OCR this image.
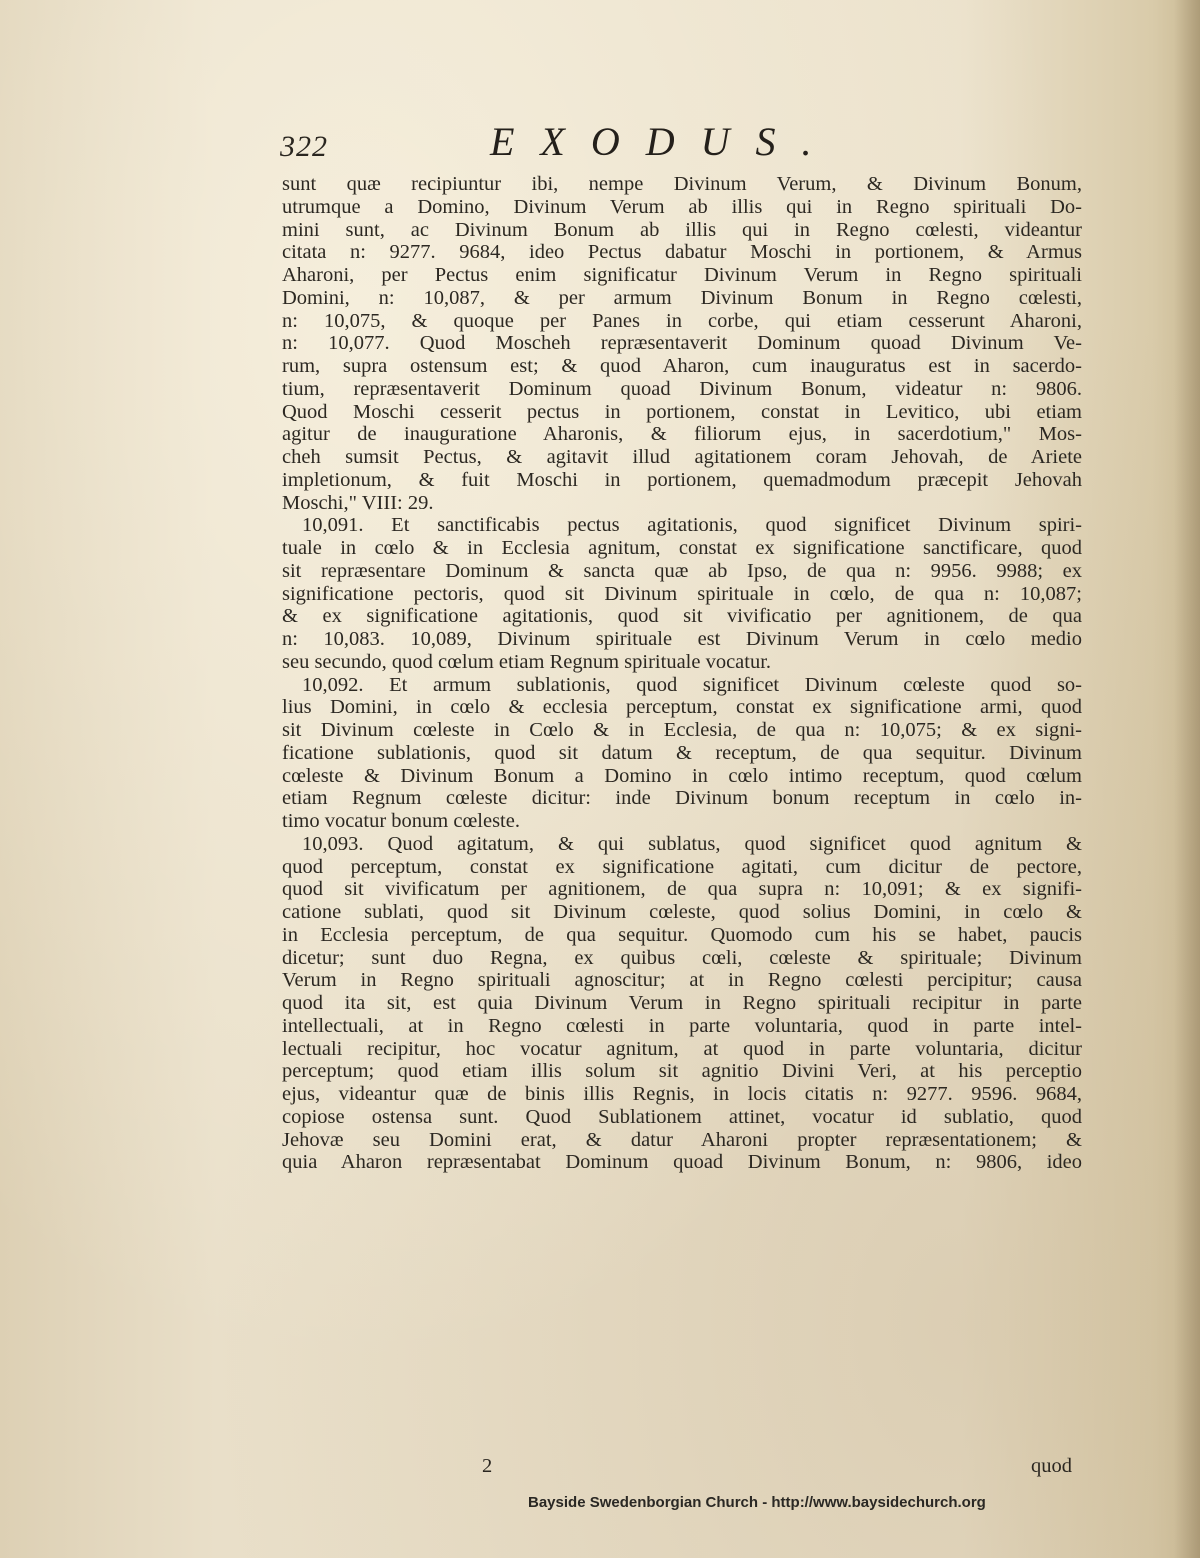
322	EXODUS.
sunt quæ recipiuntur ibi, nempe Divinum Verum, & Divinum Bonum,
utrumque a Domino, Divinum Verum ab illis qui in Regno spirituali Do-
mini sunt, ac Divinum Bonum ab illis qui in Regno cœlesti, videantur
citata n: 9277. 9684, ideo Pectus dabatur Moschi in portionem, & Armus
Aharoni, per Pectus enim significatur Divinum Verum in Regno spirituali
Domini, n: 10,087, & per armum Divinum Bonum in Regno cœlesti,
n: 10,075, & quoque per Panes in corbe, qui etiam cesserunt Aharoni,
n: 10,077. Quod Moscheh repræsentaverit Dominum quoad Divinum Ve-
rum, supra ostensum est; & quod Aharon, cum inauguratus est in sacerdo-
tium, repræsentaverit Dominum quoad Divinum Bonum, videatur n: 9806.
Quod Moschi cesserit pectus in portionem, constat in Levitico, ubi etiam
agitur de inauguratione Aharonis, & filiorum ejus, in sacerdotium," Mos-
cheh sumsit Pectus, & agitavit illud agitationem coram Jehovah, de Ariete
impletionum, & fuit Moschi in portionem, quemadmodum præcepit Jehovah
Moschi," VIII: 29.
10,091. Et sanctificabis pectus agitationis, quod significet Divinum spiri-
tuale in cœlo & in Ecclesia agnitum, constat ex significatione sanctificare, quod
sit repræsentare Dominum & sancta quæ ab Ipso, de qua n: 9956. 9988; ex
significatione pectoris, quod sit Divinum spirituale in cœlo, de qua n: 10,087;
& ex significatione agitationis, quod sit vivificatio per agnitionem, de qua
n: 10,083. 10,089, Divinum spirituale est Divinum Verum in cœlo medio
seu secundo, quod cœlum etiam Regnum spirituale vocatur.
10,092. Et armum sublationis, quod significet Divinum cœleste quod so-
lius Domini, in cœlo & ecclesia perceptum, constat ex significatione armi, quod
sit Divinum cœleste in Cœlo & in Ecclesia, de qua n: 10,075; & ex signi-
ficatione sublationis, quod sit datum & receptum, de qua sequitur. Divinum
cœleste & Divinum Bonum a Domino in cœlo intimo receptum, quod cœlum
etiam Regnum cœleste dicitur: inde Divinum bonum receptum in cœlo in-
timo vocatur bonum cœleste.
10,093. Quod agitatum, & qui sublatus, quod significet quod agnitum &
quod perceptum, constat ex significatione agitati, cum dicitur de pectore,
quod sit vivificatum per agnitionem, de qua supra n: 10,091; & ex signifi-
catione sublati, quod sit Divinum cœleste, quod solius Domini, in cœlo &
in Ecclesia perceptum, de qua sequitur. Quomodo cum his se habet, paucis
dicetur; sunt duo Regna, ex quibus cœli, cœleste & spirituale; Divinum
Verum in Regno spirituali agnoscitur; at in Regno cœlesti percipitur; causa
quod ita sit, est quia Divinum Verum in Regno spirituali recipitur in parte
intellectuali, at in Regno cœlesti in parte voluntaria, quod in parte intel-
lectuali recipitur, hoc vocatur agnitum, at quod in parte voluntaria, dicitur
perceptum; quod etiam illis solum sit agnitio Divini Veri, at his perceptio
ejus, videantur quæ de binis illis Regnis, in locis citatis n: 9277. 9596. 9684,
copiose ostensa sunt. Quod Sublationem attinet, vocatur id sublatio, quod
Jehovæ seu Domini erat, & datur Aharoni propter repræsentationem; &
quia Aharon repræsentabat Dominum quoad Divinum Bonum, n: 9806, ideo
2	quod
Bayside Swedenborgian Church - http://www.baysidechurch.org
